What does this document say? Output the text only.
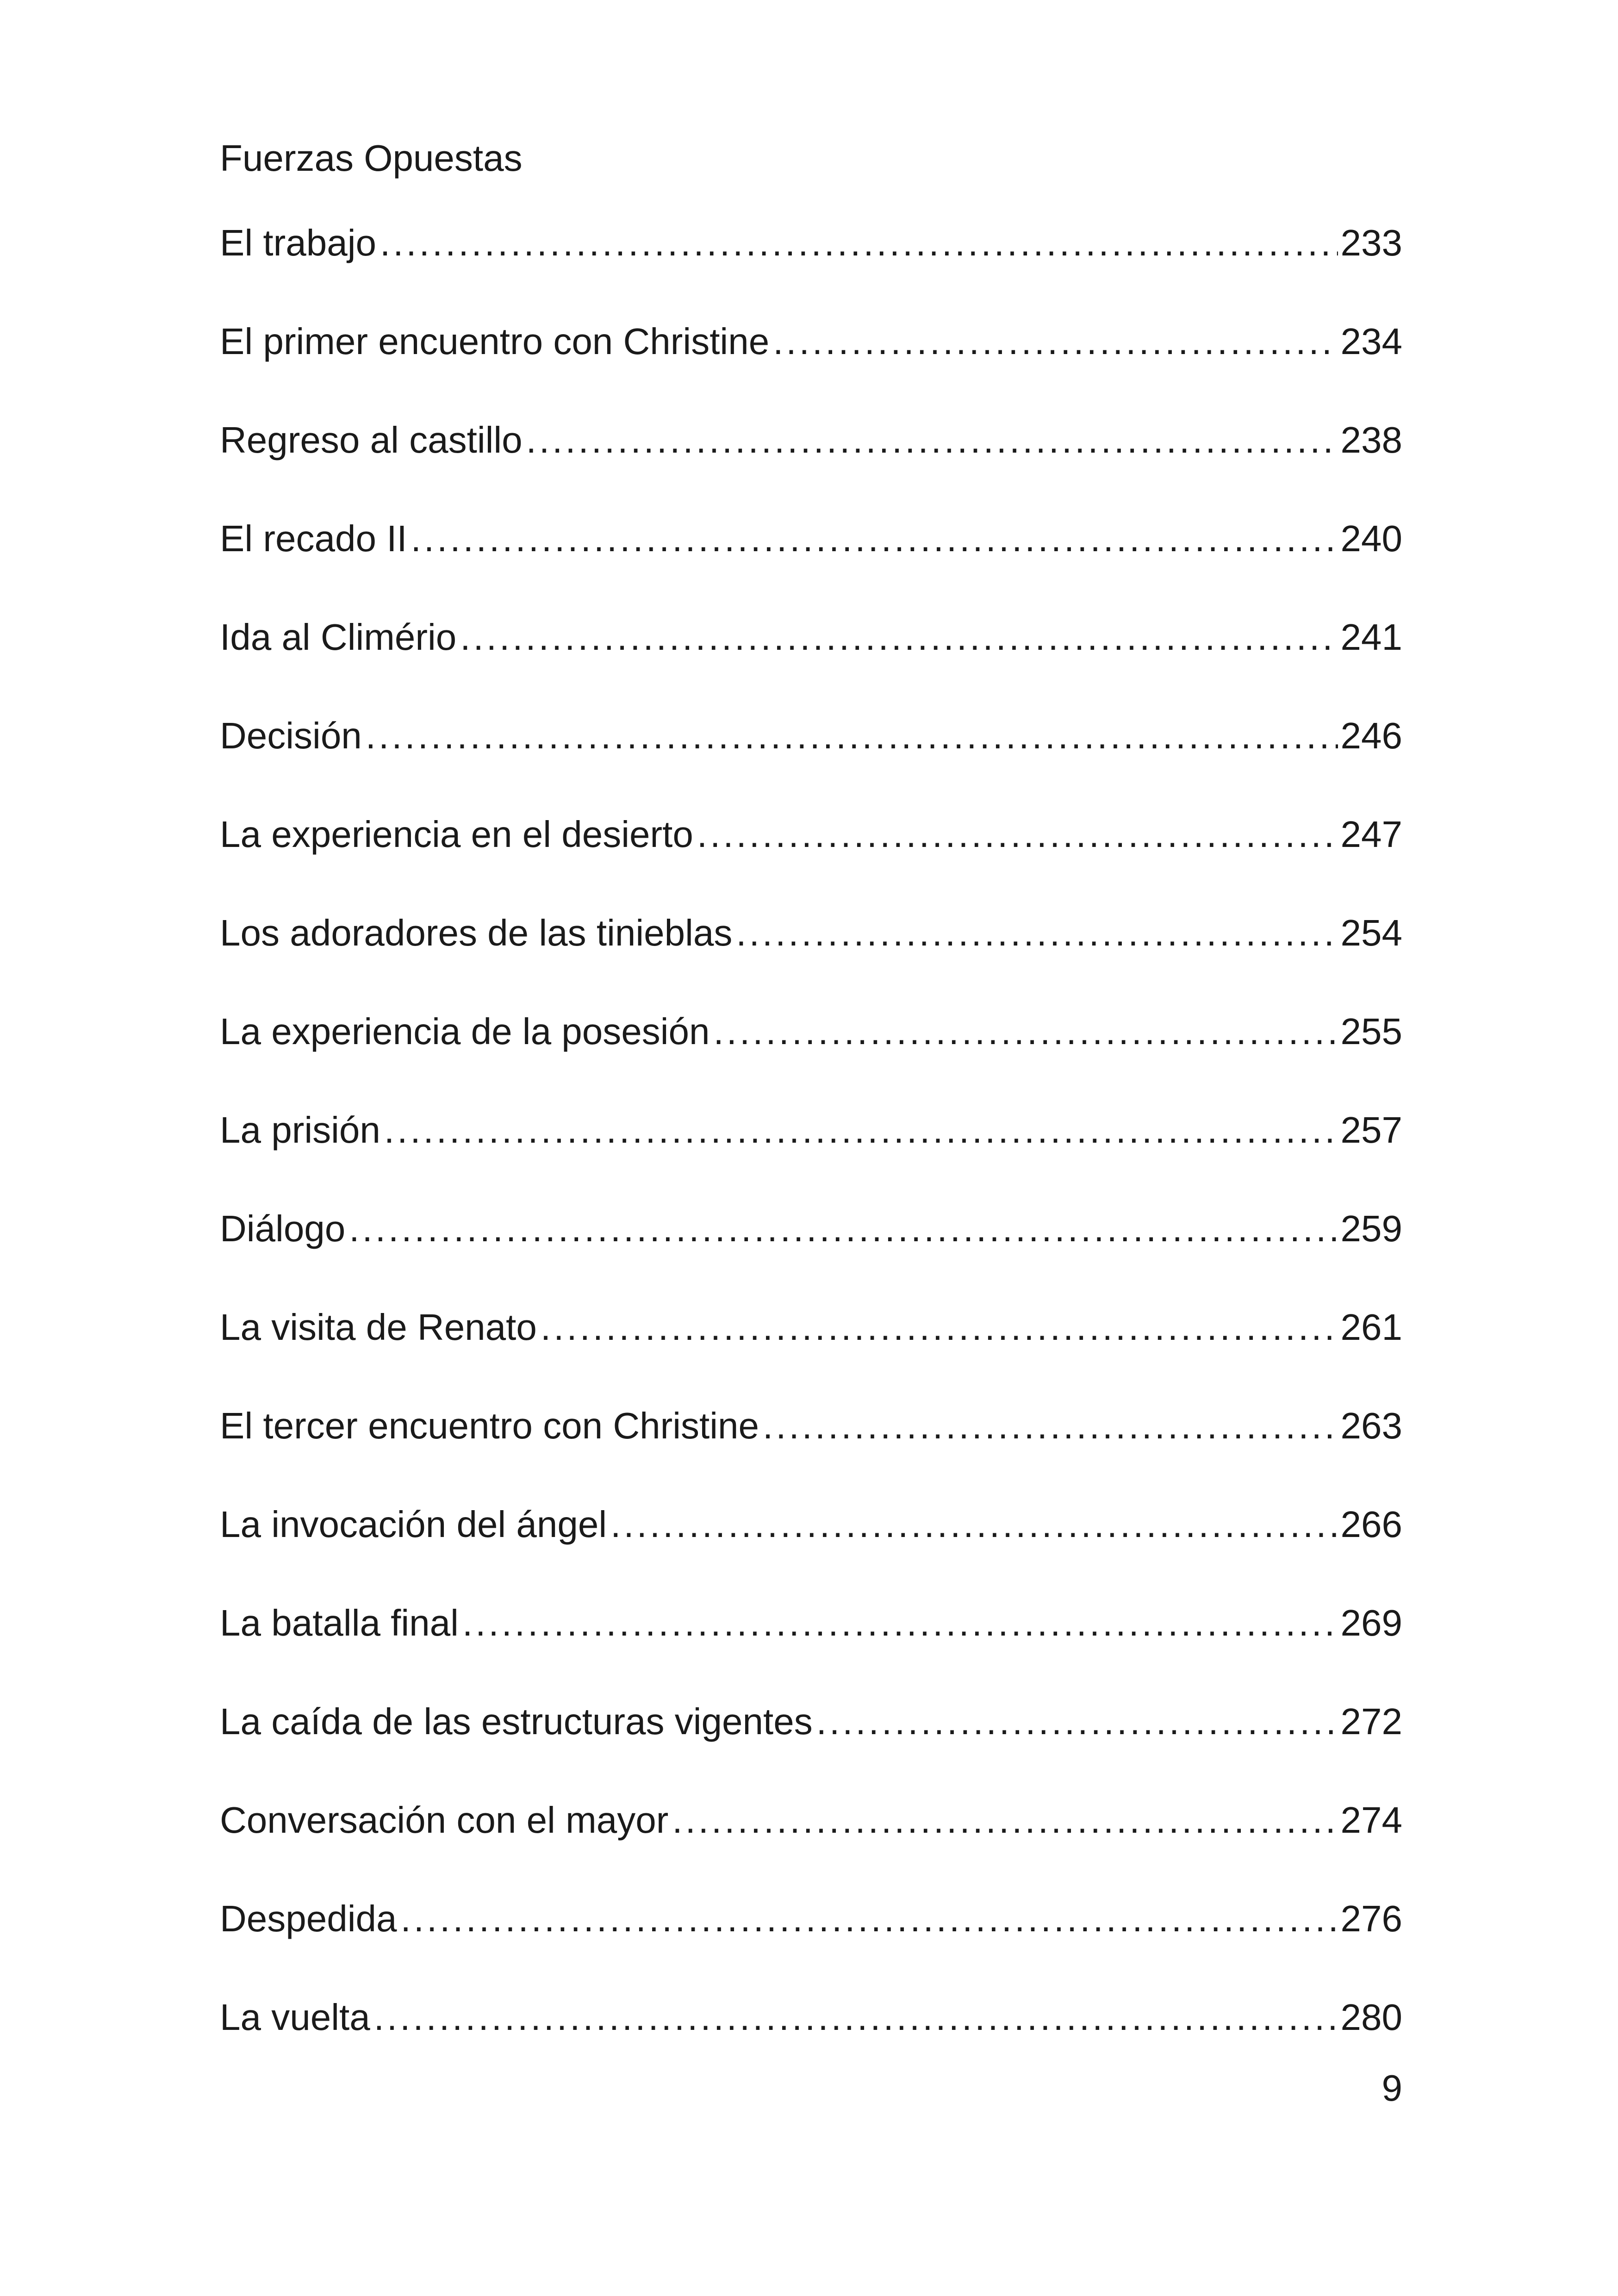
Fuerzas Opuestas
El trabajo .....	233
El primer encuentro con Christine .....	234
Regreso al castillo .....	238
El recado II .....	240
Ida al Climério .....	241
Decisión .....	246
La experiencia en el desierto .....	247
Los adoradores de las tinieblas .....	254
La experiencia de la posesión .....	255
La prisión .....	257
Diálogo .....	259
La visita de Renato .....	261
El tercer encuentro con Christine .....	263
La invocación del ángel .....	266
La batalla final .....	269
La caída de las estructuras vigentes .....	272
Conversación con el mayor .....	274
Despedida .....	276
La vuelta .....	280
9
